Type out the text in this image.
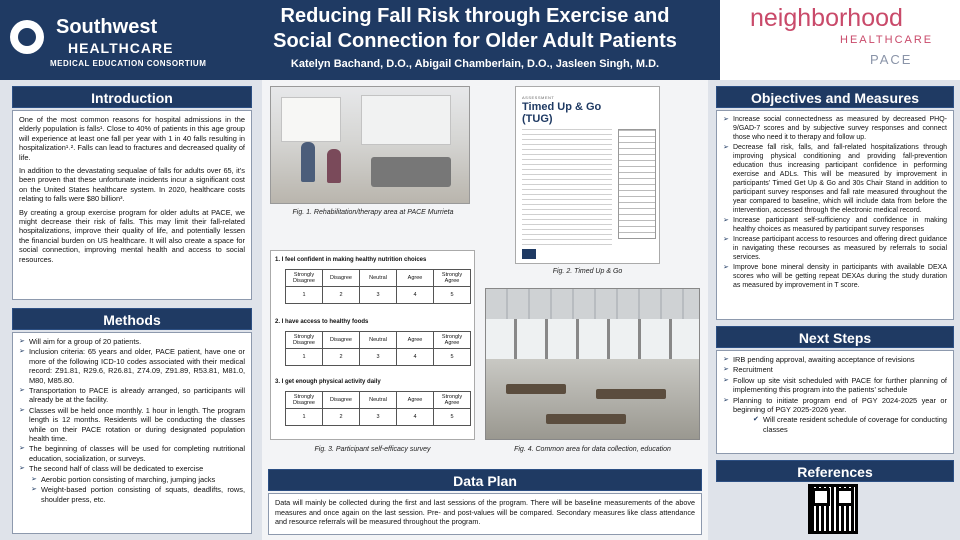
Southwest
HEALTHCARE
MEDICAL EDUCATION CONSORTIUM
Reducing Fall Risk through Exercise and
Social Connection for Older Adult Patients
Katelyn Bachand, D.O., Abigail Chamberlain, D.O., Jasleen Singh, M.D.
neighborhood
HEALTHCARE
PACE
Introduction

One of the most common reasons for hospital admissions in the elderly population is falls¹. Close to 40% of patients in this age group will experience at least one fall per year with 1 in 40 falls resulting in hospitalization¹˒². Falls can lead to fractures and decreased quality of life.

In addition to the devastating sequalae of falls for adults over 65, it’s been proven that these unfortunate incidents incur a significant cost on the United States healthcare system. In 2020, healthcare costs relating to falls were $80 billion³.

By creating a group exercise program for older adults at PACE, we might decrease their risk of falls. This may limit their fall-related hospitalizations, improve their quality of life, and potentially lessen the financial burden on US healthcare. It will also create a space for social connection, improving mental health and access to social resources.

Methods
➢ Will aim for a group of 20 patients.
➢ Inclusion criteria: 65 years and older, PACE patient, have one or more of the following ICD-10 codes associated with their medical record: Z91.81, R29.6, R26.81, Z74.09, Z91.89, R53.81, M81.0, M80, M85.80.
➢ Transportation to PACE is already arranged, so participants will already be at the facility.
➢ Classes will be held once monthly. 1 hour in length. The program length is 12 months. Residents will be conducting the classes while on their PACE rotation or during designated population health time.
➢ The beginning of classes will be used for completing nutritional education, socialization, or surveys.
➢ The second half of class will be dedicated to exercise
➢ Aerobic portion consisting of marching, jumping jacks
➢ Weight-based portion consisting of squats, deadlifts, rows, shoulder press, etc.
Fig. 1. Rehabilitation/therapy area at PACE Murrieta
ASSESSMENT
Timed Up & Go
(TUG)
Fig. 2. Timed Up & Go
1. I feel confident in making healthy nutrition choices
Strongly Disagree	Disagree	Neutral	Agree	Strongly Agree
1	2	3	4	5
2. I have access to healthy foods
Strongly Disagree	Disagree	Neutral	Agree	Strongly Agree
1	2	3	4	5
3. I get enough physical activity daily
Strongly Disagree	Disagree	Neutral	Agree	Strongly Agree
1	2	3	4	5
Fig. 3. Participant self-efficacy survey	Fig. 4. Common area for data collection, education
Data Plan

Data will mainly be collected during the first and last sessions of the program. There will be baseline measurements of the above measures and once again on the last session. Pre- and post-values will be compared. Secondary measures like class attendance and resource referrals will be measured throughout the program.

Objectives and Measures
➢ Increase social connectedness as measured by decreased PHQ-9/GAD-7 scores and by subjective survey responses and connect those who need it to therapy and follow up.
➢ Decrease fall risk, falls, and fall-related hospitalizations through improving physical conditioning and providing fall-prevention education thus increasing participant confidence in performing exercise and ADLs. This will be measured by improvement in participants’ Timed Get Up & Go and 30s Chair Stand in addition to participant survey responses and fall rate measured throughout the year compared to baseline, which will include data from before the intervention, accessed through the electronic medical record.
➢ Increase participant self-sufficiency and confidence in making healthy choices as measured by participant survey responses
➢ Increase participant access to resources and offering direct guidance in navigating these recourses as measured by referrals to social services.
➢ Improve bone mineral density in participants with available DEXA scores who will be getting repeat DEXAs during the study duration as measured by improvement in T score.
Next Steps
➢ IRB pending approval, awaiting acceptance of revisions
➢ Recruitment
➢ Follow up site visit scheduled with PACE for further planning of implementing this program into the patients’ schedule
➢ Planning to initiate program end of PGY 2024-2025 year or beginning of PGY 2025-2026 year.
✔ Will create resident schedule of coverage for conducting classes
References
